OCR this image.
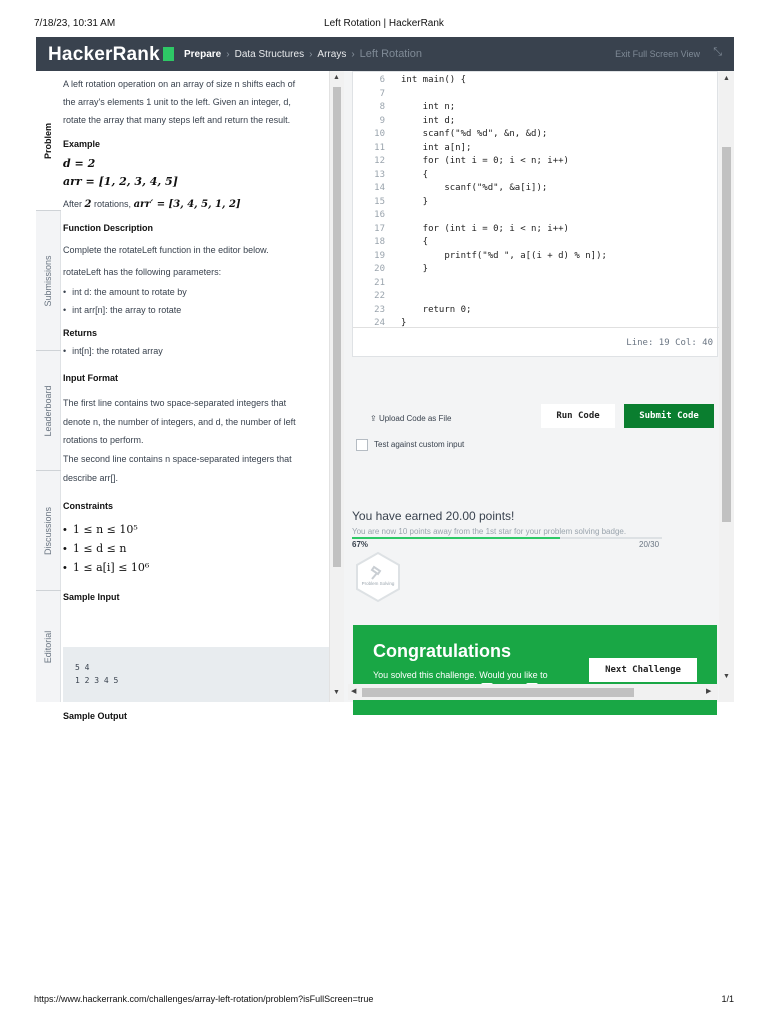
7/18/23, 10:31 AM	Left Rotation | HackerRank
HackerRank	Prepare › Data Structures › Arrays › Left Rotation	Exit Full Screen View ⤡
Problem
Submissions
Leaderboard
Discussions
Editorial
A left rotation operation on an array of size n shifts each of
the array's elements 1 unit to the left. Given an integer, d,
rotate the array that many steps left and return the result.
Example
d = 2
arr = [1, 2, 3, 4, 5]
After 2 rotations, arr′ = [3, 4, 5, 1, 2]
Function Description
Complete the rotateLeft function in the editor below.
rotateLeft has the following parameters:
• int d: the amount to rotate by
• int arr[n]: the array to rotate
Returns
• int[n]: the rotated array
Input Format
The first line contains two space-separated integers that
denote n, the number of integers, and d, the number of left
rotations to perform.
The second line contains n space-separated integers that
describe arr[].
Constraints
• 1 ≤ n ≤ 10⁵
• 1 ≤ d ≤ n
• 1 ≤ a[i] ≤ 10⁶
Sample Input
5 4
1 2 3 4 5
Sample Output
▲
▼
6 int main() {
7
8    int n;
9    int d;
10    scanf("%d %d", &n, &d);
11    int a[n];
12    for (int i = 0; i < n; i++)
13    {
14        scanf("%d", &a[i]);
15    }
16
17    for (int i = 0; i < n; i++)
18    {
19        printf("%d ", a[(i + d) % n]);
20    }
21
22
23    return 0;
24 }
Line: 19 Col: 40
⇪ Upload Code as File	Run Code	Submit Code
Test against custom input
You have earned 20.00 points!
You are now 10 points away from the 1st star for your problem solving badge.
67%	20/30
Problem Solving
Congratulations
You solved this challenge. Would you like to	Next Challenge
▲
▼
◀	▶
https://www.hackerrank.com/challenges/array-left-rotation/problem?isFullScreen=true	1/1
